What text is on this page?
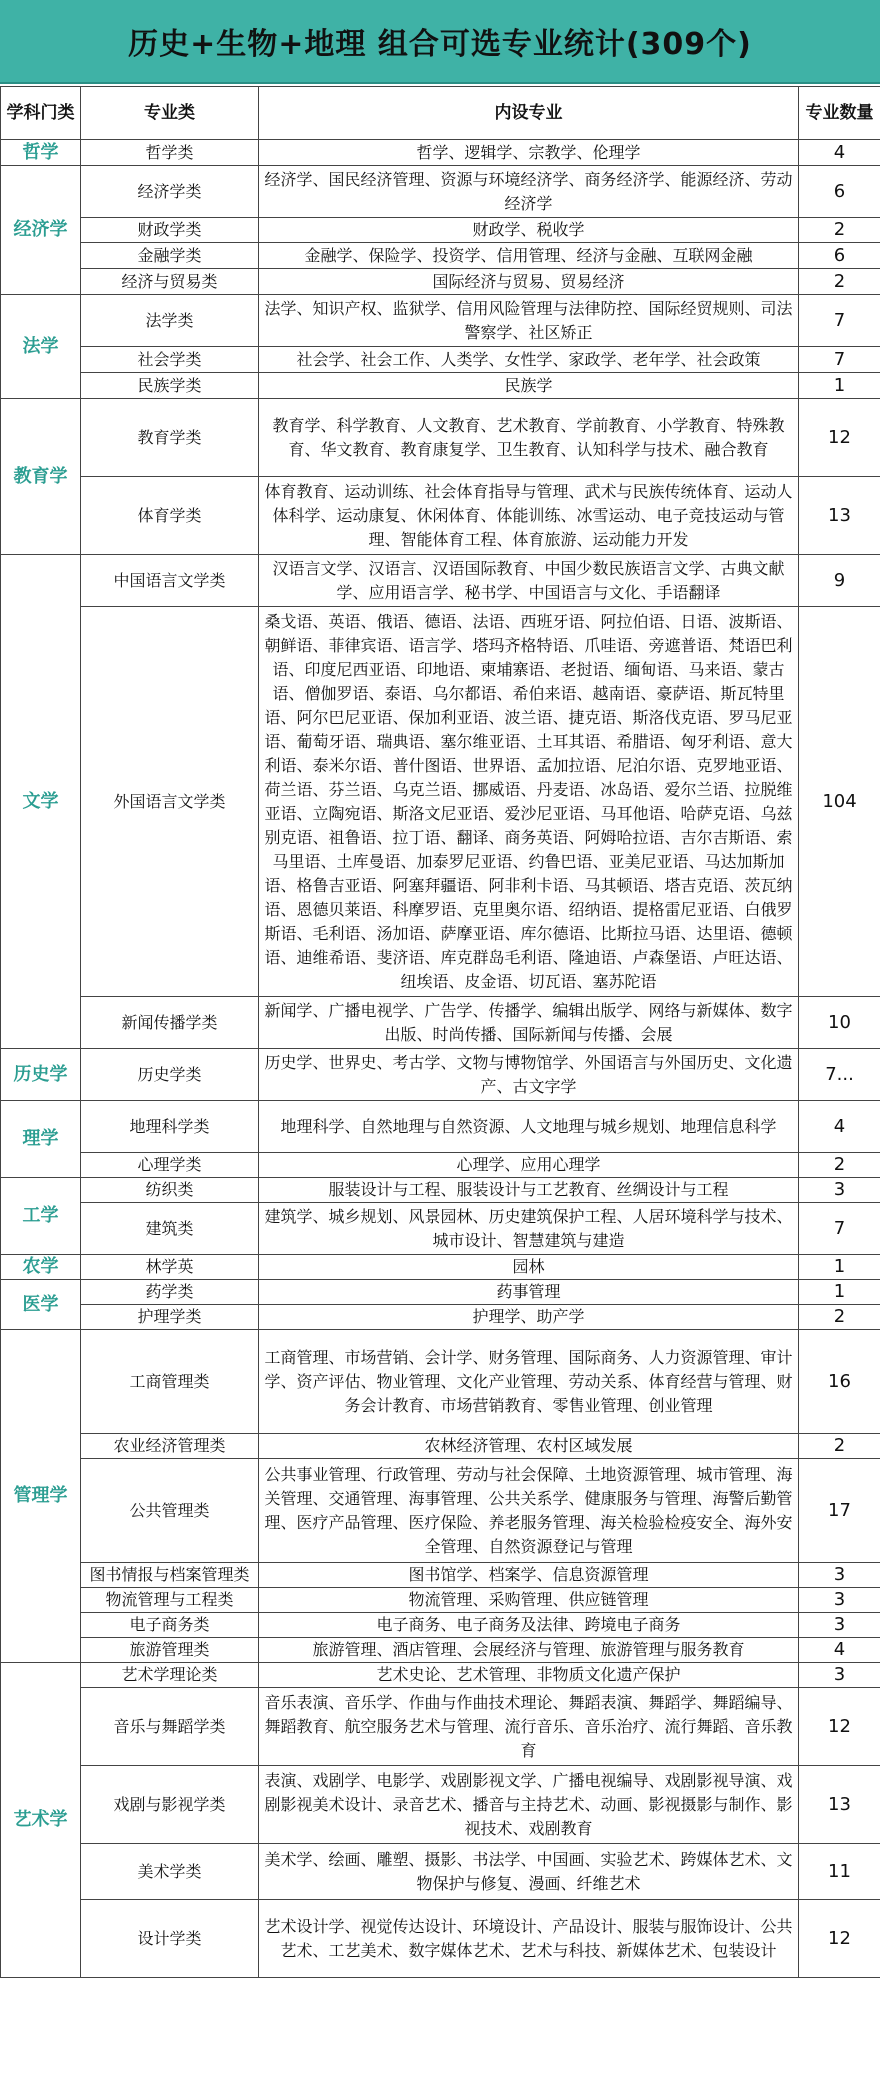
历史+生物+地理 组合可选专业统计(309个)
学科门类	专业类	内设专业	专业数量
哲学	哲学类	哲学、逻辑学、宗教学、伦理学	4
经济学	经济学类	经济学、国民经济管理、资源与环境经济学、商务经济学、能源经济、劳动经济学	6
	财政学类	财政学、税收学	2
	金融学类	金融学、保险学、投资学、信用管理、经济与金融、互联网金融	6
	经济与贸易类	国际经济与贸易、贸易经济	2
法学	法学类	法学、知识产权、监狱学、信用风险管理与法律防控、国际经贸规则、司法警察学、社区矫正	7
	社会学类	社会学、社会工作、人类学、女性学、家政学、老年学、社会政策	7
	民族学类	民族学	1
教育学	教育学类	教育学、科学教育、人文教育、艺术教育、学前教育、小学教育、特殊教育、华文教育、教育康复学、卫生教育、认知科学与技术、融合教育	12
	体育学类	体育教育、运动训练、社会体育指导与管理、武术与民族传统体育、运动人体科学、运动康复、休闲体育、体能训练、冰雪运动、电子竞技运动与管理、智能体育工程、体育旅游、运动能力开发	13
文学	中国语言文学类	汉语言文学、汉语言、汉语国际教育、中国少数民族语言文学、古典文献学、应用语言学、秘书学、中国语言与文化、手语翻译	9
	外国语言文学类	桑戈语、英语、俄语、德语、法语、西班牙语、阿拉伯语、日语、波斯语、朝鲜语、菲律宾语、语言学、塔玛齐格特语、爪哇语、旁遮普语、梵语巴利语、印度尼西亚语、印地语、柬埔寨语、老挝语、缅甸语、马来语、蒙古语、僧伽罗语、泰语、乌尔都语、希伯来语、越南语、豪萨语、斯瓦特里语、阿尔巴尼亚语、保加利亚语、波兰语、捷克语、斯洛伐克语、罗马尼亚语、葡萄牙语、瑞典语、塞尔维亚语、土耳其语、希腊语、匈牙利语、意大利语、泰米尔语、普什图语、世界语、孟加拉语、尼泊尔语、克罗地亚语、荷兰语、芬兰语、乌克兰语、挪威语、丹麦语、冰岛语、爱尔兰语、拉脱维亚语、立陶宛语、斯洛文尼亚语、爱沙尼亚语、马耳他语、哈萨克语、乌兹别克语、祖鲁语、拉丁语、翻译、商务英语、阿姆哈拉语、吉尔吉斯语、索马里语、土库曼语、加泰罗尼亚语、约鲁巴语、亚美尼亚语、马达加斯加语、格鲁吉亚语、阿塞拜疆语、阿非利卡语、马其顿语、塔吉克语、茨瓦纳语、恩德贝莱语、科摩罗语、克里奥尔语、绍纳语、提格雷尼亚语、白俄罗斯语、毛利语、汤加语、萨摩亚语、库尔德语、比斯拉马语、达里语、德顿语、迪维希语、斐济语、库克群岛毛利语、隆迪语、卢森堡语、卢旺达语、纽埃语、皮金语、切瓦语、塞苏陀语	104
	新闻传播学类	新闻学、广播电视学、广告学、传播学、编辑出版学、网络与新媒体、数字出版、时尚传播、国际新闻与传播、会展	10
历史学	历史学类	历史学、世界史、考古学、文物与博物馆学、外国语言与外国历史、文化遗产、古文字学	7...
理学	地理科学类	地理科学、自然地理与自然资源、人文地理与城乡规划、地理信息科学	4
	心理学类	心理学、应用心理学	2
工学	纺织类	服装设计与工程、服装设计与工艺教育、丝绸设计与工程	3
	建筑类	建筑学、城乡规划、风景园林、历史建筑保护工程、人居环境科学与技术、城市设计、智慧建筑与建造	7
农学	林学英	园林	1
医学	药学类	药事管理	1
	护理学类	护理学、助产学	2
管理学	工商管理类	工商管理、市场营销、会计学、财务管理、国际商务、人力资源管理、审计学、资产评估、物业管理、文化产业管理、劳动关系、体育经营与管理、财务会计教育、市场营销教育、零售业管理、创业管理	16
	农业经济管理类	农林经济管理、农村区域发展	2
	公共管理类	公共事业管理、行政管理、劳动与社会保障、土地资源管理、城市管理、海关管理、交通管理、海事管理、公共关系学、健康服务与管理、海警后勤管理、医疗产品管理、医疗保险、养老服务管理、海关检验检疫安全、海外安全管理、自然资源登记与管理	17
	图书情报与档案管理类	图书馆学、档案学、信息资源管理	3
	物流管理与工程类	物流管理、采购管理、供应链管理	3
	电子商务类	电子商务、电子商务及法律、跨境电子商务	3
	旅游管理类	旅游管理、酒店管理、会展经济与管理、旅游管理与服务教育	4
艺术学	艺术学理论类	艺术史论、艺术管理、非物质文化遗产保护	3
	音乐与舞蹈学类	音乐表演、音乐学、作曲与作曲技术理论、舞蹈表演、舞蹈学、舞蹈编导、舞蹈教育、航空服务艺术与管理、流行音乐、音乐治疗、流行舞蹈、音乐教育	12
	戏剧与影视学类	表演、戏剧学、电影学、戏剧影视文学、广播电视编导、戏剧影视导演、戏剧影视美术设计、录音艺术、播音与主持艺术、动画、影视摄影与制作、影视技术、戏剧教育	13
	美术学类	美术学、绘画、雕塑、摄影、书法学、中国画、实验艺术、跨媒体艺术、文物保护与修复、漫画、纤维艺术	11
	设计学类	艺术设计学、视觉传达设计、环境设计、产品设计、服装与服饰设计、公共艺术、工艺美术、数字媒体艺术、艺术与科技、新媒体艺术、包装设计	12
